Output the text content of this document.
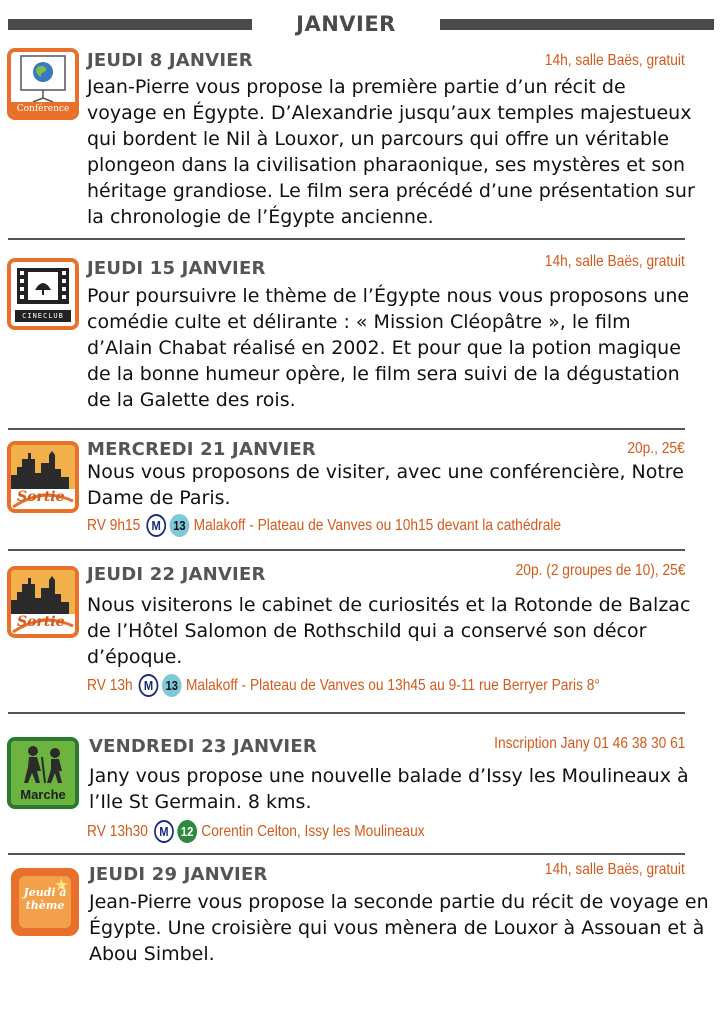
JANVIER
Conférence
JEUDI 8 JANVIER	14h, salle Baës, gratuit
Jean-Pierre vous propose la première partie d’un récit de voyage en Égypte. D’Alexandrie jusqu’aux temples majestueux qui bordent le Nil à Louxor, un parcours qui offre un véritable plongeon dans la civilisation pharaonique, ses mystères et son héritage grandiose. Le film sera précédé d’une présentation sur la chronologie de l’Égypte ancienne.
CINECLUB
JEUDI 15 JANVIER	14h, salle Baës, gratuit
Pour poursuivre le thème de l’Égypte nous vous proposons une comédie culte et délirante : « Mission Cléopâtre », le film d’Alain Chabat réalisé en 2002. Et pour que la potion magique de la bonne humeur opère, le film sera suivi de la dégustation de la Galette des rois.
Sortie
MERCREDI 21 JANVIER	20p., 25€
Nous vous proposons de visiter, avec une conférencière, Notre Dame de Paris.
RV 9h15 M 13 Malakoff - Plateau de Vanves ou 10h15 devant la cathédrale
Sortie
JEUDI 22 JANVIER	20p. (2 groupes de 10), 25€
Nous visiterons le cabinet de curiosités et la Rotonde de Balzac de l’Hôtel Salomon de Rothschild qui a conservé son décor d’époque.
RV 13h M 13 Malakoff - Plateau de Vanves ou 13h45 au 9-11 rue Berryer Paris 8°
Marche
VENDREDI 23 JANVIER	Inscription Jany 01 46 38 30 61
Jany vous propose une nouvelle balade d’Issy les Moulineaux à l’Ile St Germain. 8 kms.
RV 13h30 M 12 Corentin Celton, Issy les Moulineaux
Jeudi à thème
JEUDI 29 JANVIER	14h, salle Baës, gratuit
Jean-Pierre vous propose la seconde partie du récit de voyage en Égypte. Une croisière qui vous mènera de Louxor à Assouan et à Abou Simbel.
